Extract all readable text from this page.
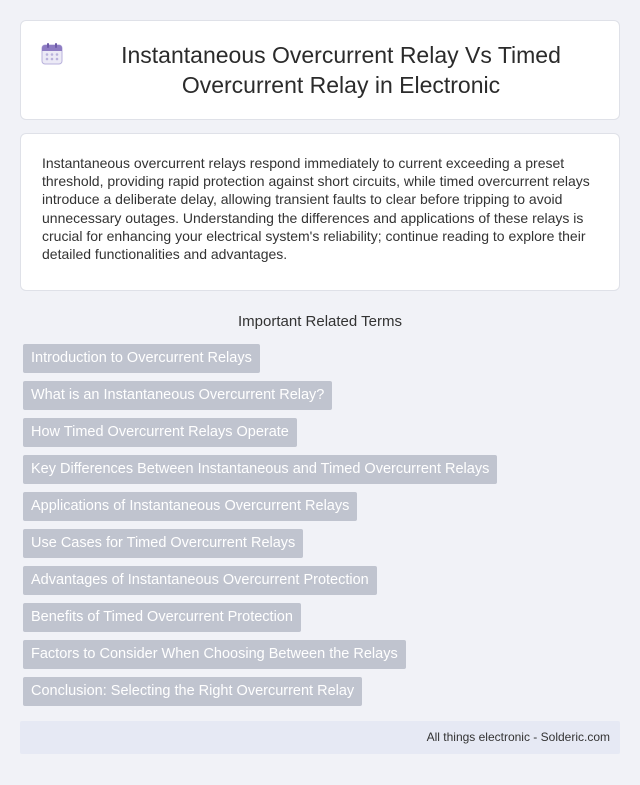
Instantaneous Overcurrent Relay Vs Timed Overcurrent Relay in Electronic

Instantaneous overcurrent relays respond immediately to current exceeding a preset threshold, providing rapid protection against short circuits, while timed overcurrent relays introduce a deliberate delay, allowing transient faults to clear before tripping to avoid unnecessary outages. Understanding the differences and applications of these relays is crucial for enhancing your electrical system's reliability; continue reading to explore their detailed functionalities and advantages.

Important Related Terms
Introduction to Overcurrent Relays
What is an Instantaneous Overcurrent Relay?
How Timed Overcurrent Relays Operate
Key Differences Between Instantaneous and Timed Overcurrent Relays
Applications of Instantaneous Overcurrent Relays
Use Cases for Timed Overcurrent Relays
Advantages of Instantaneous Overcurrent Protection
Benefits of Timed Overcurrent Protection
Factors to Consider When Choosing Between the Relays
Conclusion: Selecting the Right Overcurrent Relay
All things electronic - Solderic.com
